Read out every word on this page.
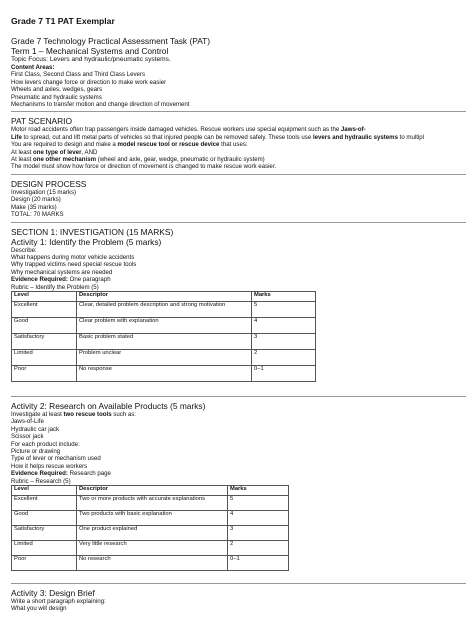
Grade 7 T1 PAT Exemplar
Grade 7 Technology Practical Assessment Task (PAT)
Term 1 – Mechanical Systems and Control
Topic Focus: Levers and hydraulic/pneumatic systems.
Content Areas:
First Class, Second Class and Third Class Levers
How levers change force or direction to make work easier
Wheels and axles, wedges, gears
Pneumatic and hydraulic systems
Mechanisms to transfer motion and change direction of movement
PAT SCENARIO
Motor road accidents often trap passengers inside damaged vehicles. Rescue workers use special equipment such as the Jaws-of-
Life to spread, cut and lift metal parts of vehicles so that injured people can be removed safely. These tools use levers and hydraulic systems to multipl
You are required to design and make a model rescue tool or rescue device that uses:
At least one type of lever, AND
At least one other mechanism (wheel and axle, gear, wedge, pneumatic or hydraulic system)
The model must show how force or direction of movement is changed to make rescue work easier.
DESIGN PROCESS
Investigation (15 marks)
Design (20 marks)
Make (35 marks)
TOTAL: 70 MARKS
SECTION 1: INVESTIGATION (15 MARKS)
Activity 1: Identify the Problem (5 marks)
Describe:
What happens during motor vehicle accidents
Why trapped victims need special rescue tools
Why mechanical systems are needed
Evidence Required: One paragraph
Rubric – Identify the Problem (5)
Level	Descriptor	Marks
Excellent	Clear, detailed problem description and strong motivation	5
Good	Clear problem with explanation	4
Satisfactory	Basic problem stated	3
Limited	Problem unclear	2
Poor	No response	0–1
Activity 2: Research on Available Products (5 marks)
Investigate at least two rescue tools such as:
Jaws-of-Life
Hydraulic car jack
Scissor jack
For each product include:
Picture or drawing
Type of lever or mechanism used
How it helps rescue workers
Evidence Required: Research page
Rubric – Research (5)
Level	Descriptor	Marks
Excellent	Two or more products with accurate explanations	5
Good	Two products with basic explanation	4
Satisfactory	One product explained	3
Limited	Very little research	2
Poor	No research	0–1
Activity 3: Design Brief
Write a short paragraph explaining:
What you will design
